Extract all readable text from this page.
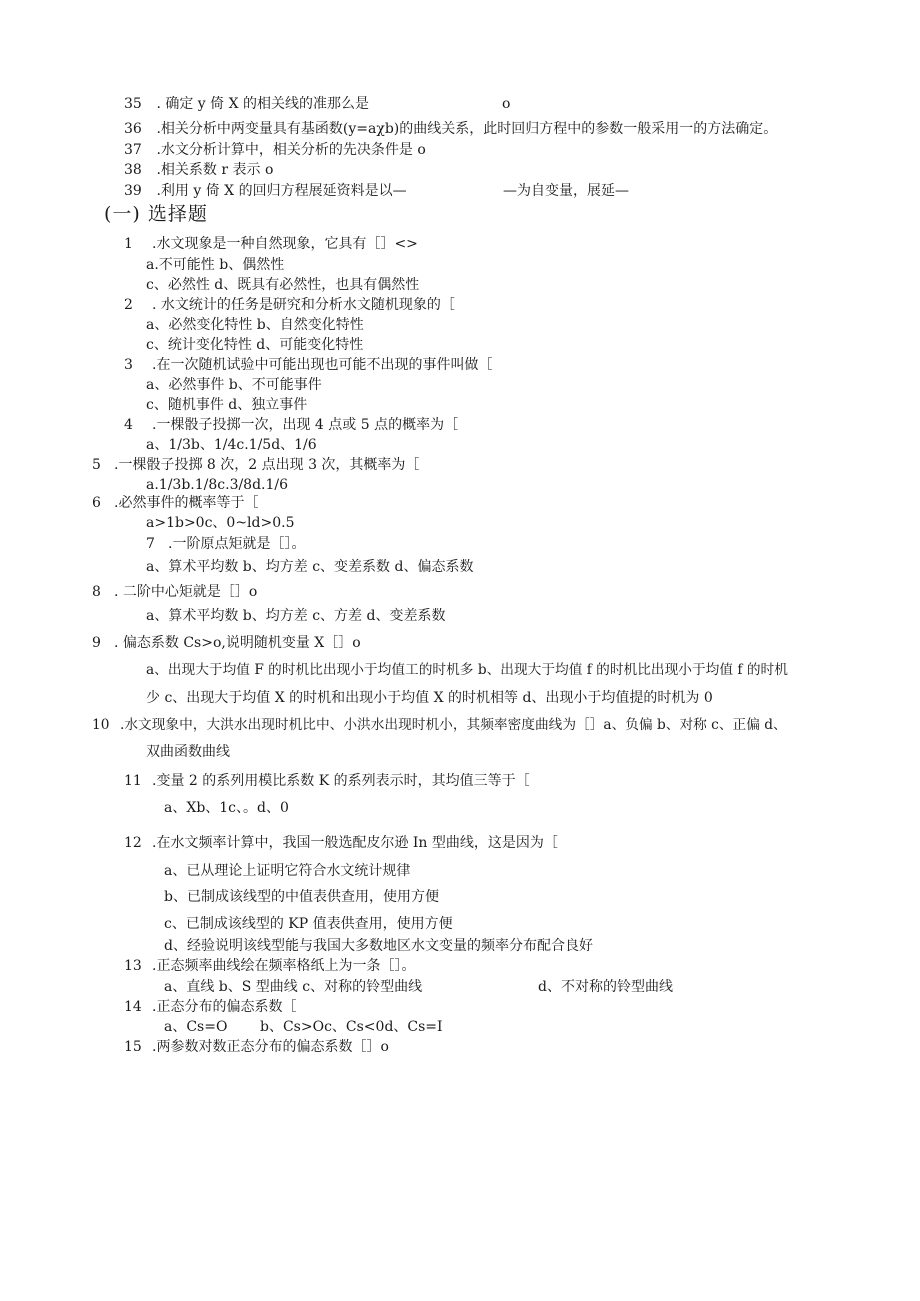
35 . 确定 y 倚 X 的相关线的准那么是	o
36 .相关分析中两变量具有基函数(y=aχb)的曲线关系，此时回归方程中的参数一般采用一的方法确定。
37 .水文分析计算中，相关分析的先决条件是 o
38 .相关系数 r 表示 o
39 .利用 y 倚 X 的回归方程展延资料是以—	—为自变量，展延—
(一) 选择题
1 .水文现象是一种自然现象，它具有［］<>
a.不可能性 b、偶然性
c、必然性 d、既具有必然性，也具有偶然性
2 . 水文统计的任务是研究和分析水文随机现象的［
a、必然变化特性 b、自然变化特性
c、统计变化特性 d、可能变化特性
3 .在一次随机试验中可能出现也可能不出现的事件叫做［
a、必然事件 b、不可能事件
c、随机事件 d、独立事件
4 .一棵骰子投掷一次，出现 4 点或 5 点的概率为［
a、1/3b、1/4c.1/5d、1/6
5 .一棵骰子投掷 8 次，2 点出现 3 次，其概率为［
a.1/3b.1/8c.3/8d.1/6
6 .必然事件的概率等于［
a>1b>0c、0~ld>0.5
7 .一阶原点矩就是［］。
a、算术平均数 b、均方差 c、变差系数 d、偏态系数
8 . 二阶中心矩就是［］o
a、算术平均数 b、均方差 c、方差 d、变差系数
9 . 偏态系数 Cs>o,说明随机变量 X［］o
a、出现大于均值 F 的时机比出现小于均值工的时机多 b、出现大于均值 f 的时机比出现小于均值 f 的时机
少 c、出现大于均值 X 的时机和出现小于均值 X 的时机相等 d、出现小于均值提的时机为 0
10 .水文现象中，大洪水出现时机比中、小洪水出现时机小，其频率密度曲线为［］a、负偏 b、对称 c、正偏 d、
双曲函数曲线
11 .变量 2 的系列用模比系数 K 的系列表示时，其均值三等于［
a、Xb、1c、。d、0
12 .在水文频率计算中，我国一般选配皮尔逊 In 型曲线，这是因为［
a、已从理论上证明它符合水文统计规律
b、已制成该线型的中值表供查用，使用方便
c、已制成该线型的 KP 值表供查用，使用方便
d、经验说明该线型能与我国大多数地区水文变量的频率分布配合良好
13 .正态频率曲线绘在频率格纸上为一条［］。
a、直线 b、S 型曲线 c、对称的铃型曲线	d、不对称的铃型曲线
14 .正态分布的偏态系数［
a、Cs=O b、Cs>Oc、Cs<0d、Cs=I
15 .两参数对数正态分布的偏态系数［］o
